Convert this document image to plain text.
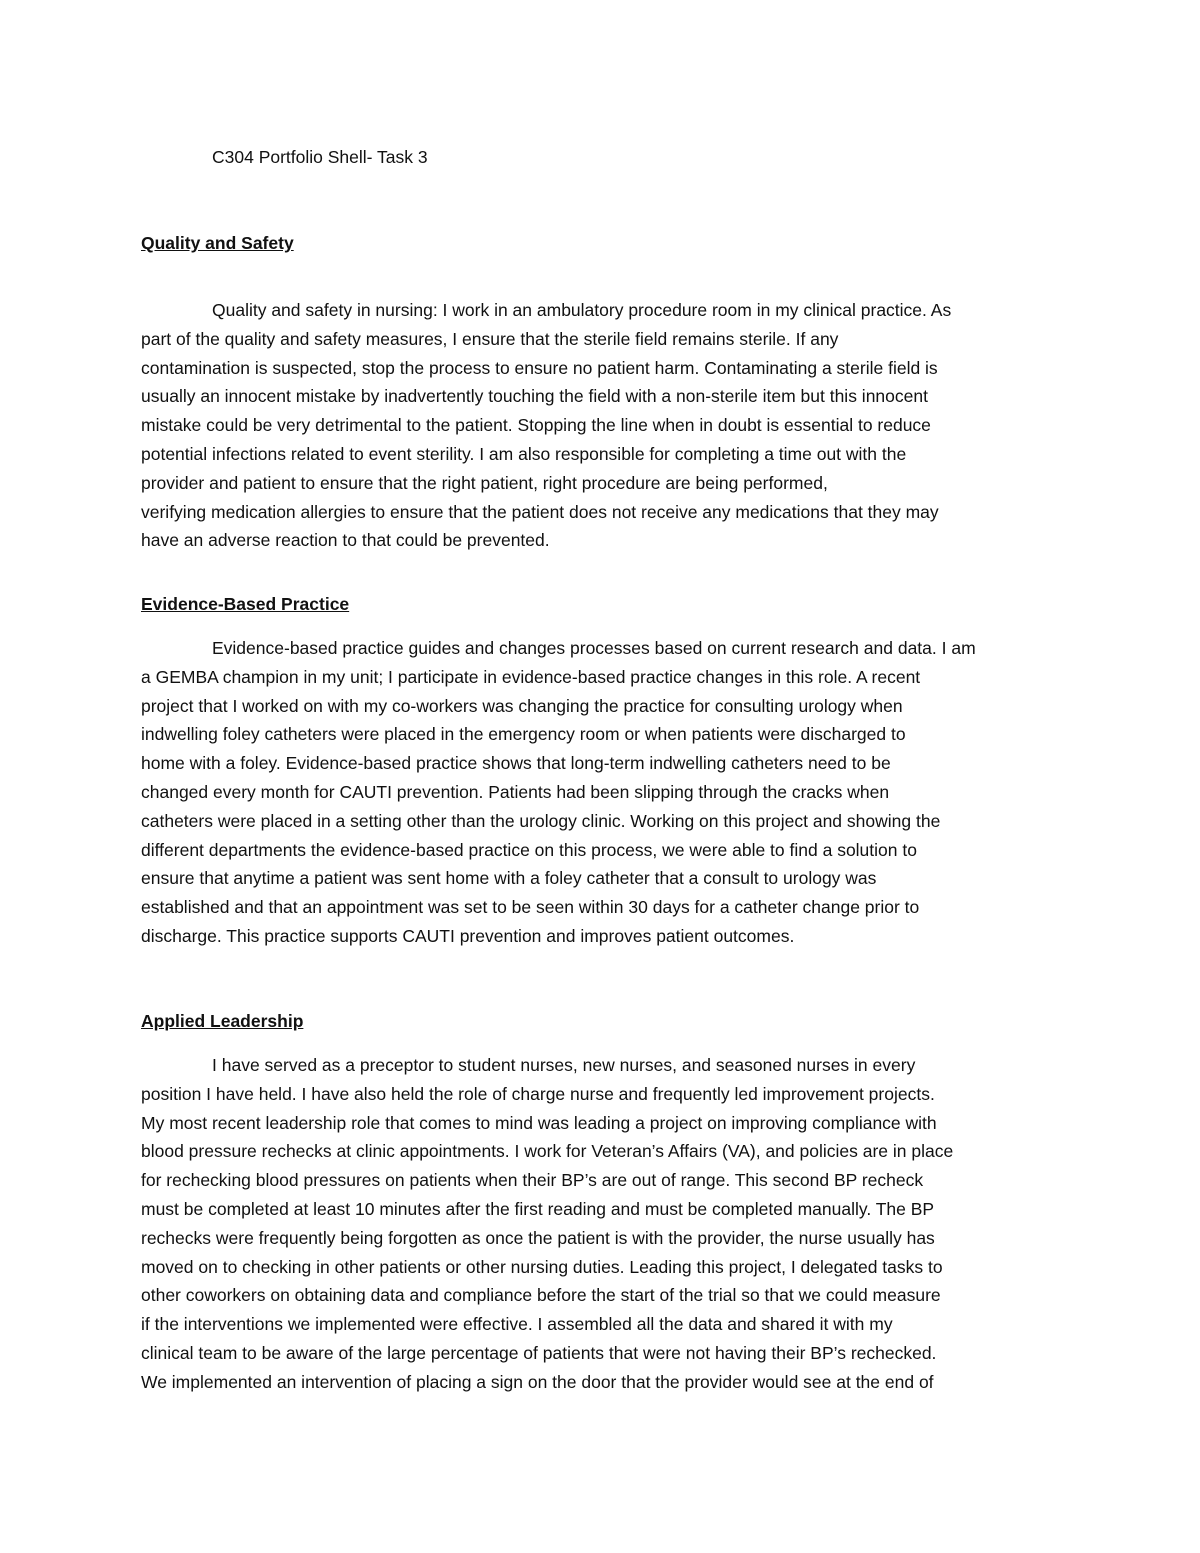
C304 Portfolio Shell- Task 3
Quality and Safety
Quality and safety in nursing: I work in an ambulatory procedure room in my clinical practice. As
part of the quality and safety measures, I ensure that the sterile field remains sterile. If any
contamination is suspected, stop the process to ensure no patient harm. Contaminating a sterile field is
usually an innocent mistake by inadvertently touching the field with a non-sterile item but this innocent
mistake could be very detrimental to the patient. Stopping the line when in doubt is essential to reduce
potential infections related to event sterility. I am also responsible for completing a time out with the
provider and patient to ensure that the right patient, right procedure are being performed,
verifying medication allergies to ensure that the patient does not receive any medications that they may
have an adverse reaction to that could be prevented.
Evidence-Based Practice
Evidence-based practice guides and changes processes based on current research and data. I am
a GEMBA champion in my unit; I participate in evidence-based practice changes in this role. A recent
project that I worked on with my co-workers was changing the practice for consulting urology when
indwelling foley catheters were placed in the emergency room or when patients were discharged to
home with a foley. Evidence-based practice shows that long-term indwelling catheters need to be
changed every month for CAUTI prevention. Patients had been slipping through the cracks when
catheters were placed in a setting other than the urology clinic. Working on this project and showing the
different departments the evidence-based practice on this process, we were able to find a solution to
ensure that anytime a patient was sent home with a foley catheter that a consult to urology was
established and that an appointment was set to be seen within 30 days for a catheter change prior to
discharge. This practice supports CAUTI prevention and improves patient outcomes.
Applied Leadership
I have served as a preceptor to student nurses, new nurses, and seasoned nurses in every
position I have held. I have also held the role of charge nurse and frequently led improvement projects.
My most recent leadership role that comes to mind was leading a project on improving compliance with
blood pressure rechecks at clinic appointments. I work for Veteran’s Affairs (VA), and policies are in place
for rechecking blood pressures on patients when their BP’s are out of range. This second BP recheck
must be completed at least 10 minutes after the first reading and must be completed manually. The BP
rechecks were frequently being forgotten as once the patient is with the provider, the nurse usually has
moved on to checking in other patients or other nursing duties. Leading this project, I delegated tasks to
other coworkers on obtaining data and compliance before the start of the trial so that we could measure
if the interventions we implemented were effective. I assembled all the data and shared it with my
clinical team to be aware of the large percentage of patients that were not having their BP’s rechecked.
We implemented an intervention of placing a sign on the door that the provider would see at the end of
